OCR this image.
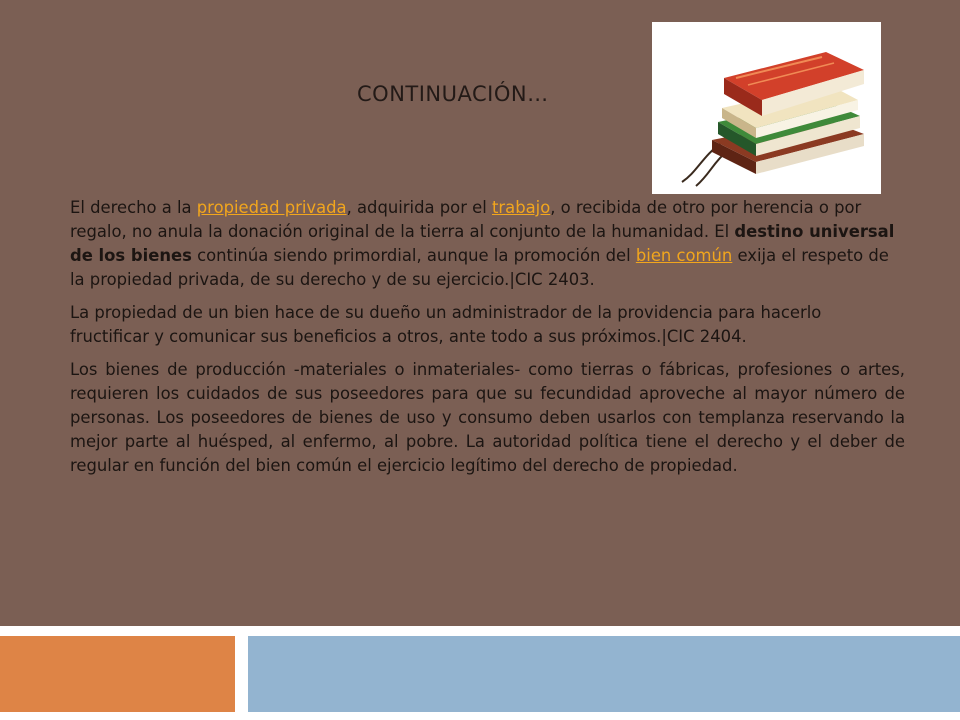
CONTINUACIÓN…

El derecho a la propiedad privada, adquirida por el trabajo, o recibida de otro por herencia o por regalo, no anula la donación original de la tierra al conjunto de la humanidad. El destino universal de los bienes continúa siendo primordial, aunque la promoción del bien común exija el respeto de la propiedad privada, de su derecho y de su ejercicio.|CIC 2403.

La propiedad de un bien hace de su dueño un administrador de la providencia para hacerlo fructificar y comunicar sus beneficios a otros, ante todo a sus próximos.|CIC 2404.

Los bienes de producción -materiales o inmateriales- como tierras o fábricas, profesiones o artes, requieren los cuidados de sus poseedores para que su fecundidad aproveche al mayor número de personas. Los poseedores de bienes de uso y consumo deben usarlos con templanza reservando la mejor parte al huésped, al enfermo, al pobre. La autoridad política tiene el derecho y el deber de regular en función del bien común el ejercicio legítimo del derecho de propiedad.
